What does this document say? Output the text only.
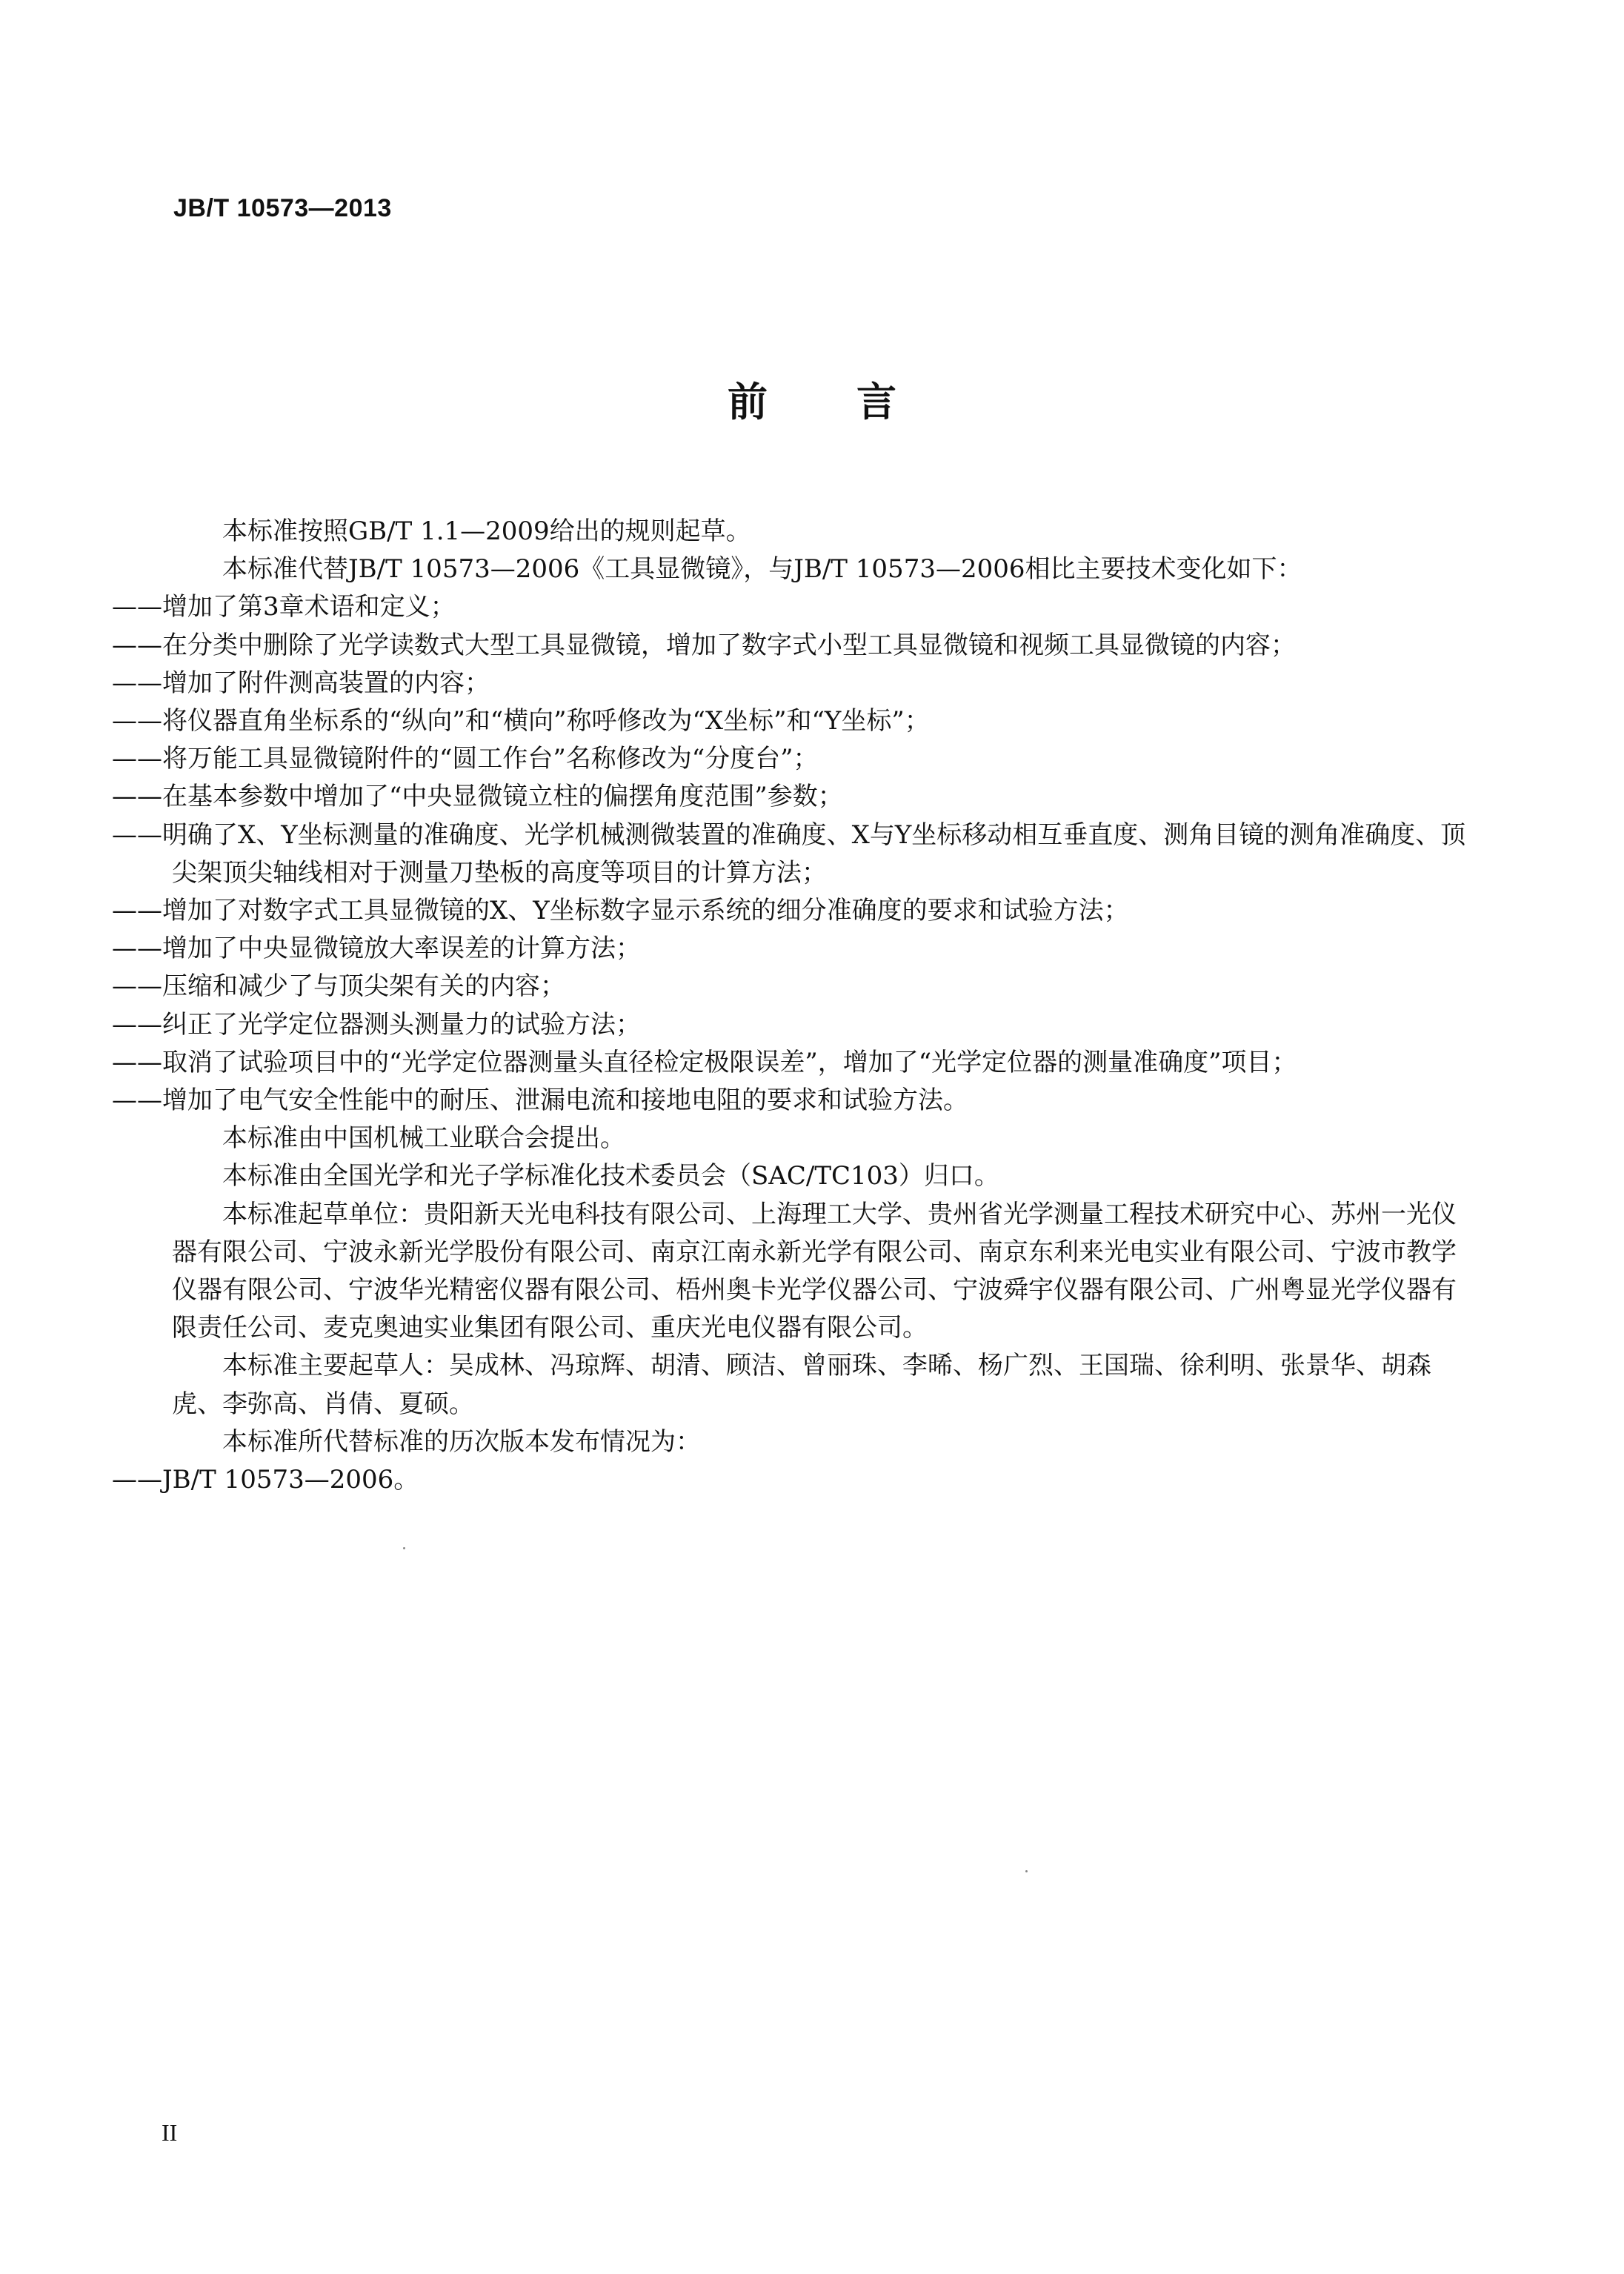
JB/T 10573—2013
前 言

本标准按照GB/T 1.1—2009给出的规则起草。

本标准代替JB/T 10573—2006《工具显微镜》，与JB/T 10573—2006相比主要技术变化如下：

——增加了第3章术语和定义；

——在分类中删除了光学读数式大型工具显微镜，增加了数字式小型工具显微镜和视频工具显微镜的内容；

——增加了附件测高装置的内容；

——将仪器直角坐标系的“纵向”和“横向”称呼修改为“X坐标”和“Y坐标”；

——将万能工具显微镜附件的“圆工作台”名称修改为“分度台”；

——在基本参数中增加了“中央显微镜立柱的偏摆角度范围”参数；

——明确了X、Y坐标测量的准确度、光学机械测微装置的准确度、X与Y坐标移动相互垂直度、测角目镜的测角准确度、顶尖架顶尖轴线相对于测量刀垫板的高度等项目的计算方法；

——增加了对数字式工具显微镜的X、Y坐标数字显示系统的细分准确度的要求和试验方法；

——增加了中央显微镜放大率误差的计算方法；

——压缩和减少了与顶尖架有关的内容；

——纠正了光学定位器测头测量力的试验方法；

——取消了试验项目中的“光学定位器测量头直径检定极限误差”，增加了“光学定位器的测量准确度”项目；

——增加了电气安全性能中的耐压、泄漏电流和接地电阻的要求和试验方法。

本标准由中国机械工业联合会提出。

本标准由全国光学和光子学标准化技术委员会（SAC/TC103）归口。

本标准起草单位：贵阳新天光电科技有限公司、上海理工大学、贵州省光学测量工程技术研究中心、苏州一光仪器有限公司、宁波永新光学股份有限公司、南京江南永新光学有限公司、南京东利来光电实业有限公司、宁波市教学仪器有限公司、宁波华光精密仪器有限公司、梧州奥卡光学仪器公司、宁波舜宇仪器有限公司、广州粤显光学仪器有限责任公司、麦克奥迪实业集团有限公司、重庆光电仪器有限公司。

本标准主要起草人：吴成林、冯琼辉、胡清、顾洁、曾丽珠、李晞、杨广烈、王国瑞、徐利明、张景华、胡森虎、李弥高、肖倩、夏硕。

本标准所代替标准的历次版本发布情况为：

——JB/T 10573—2006。

II
